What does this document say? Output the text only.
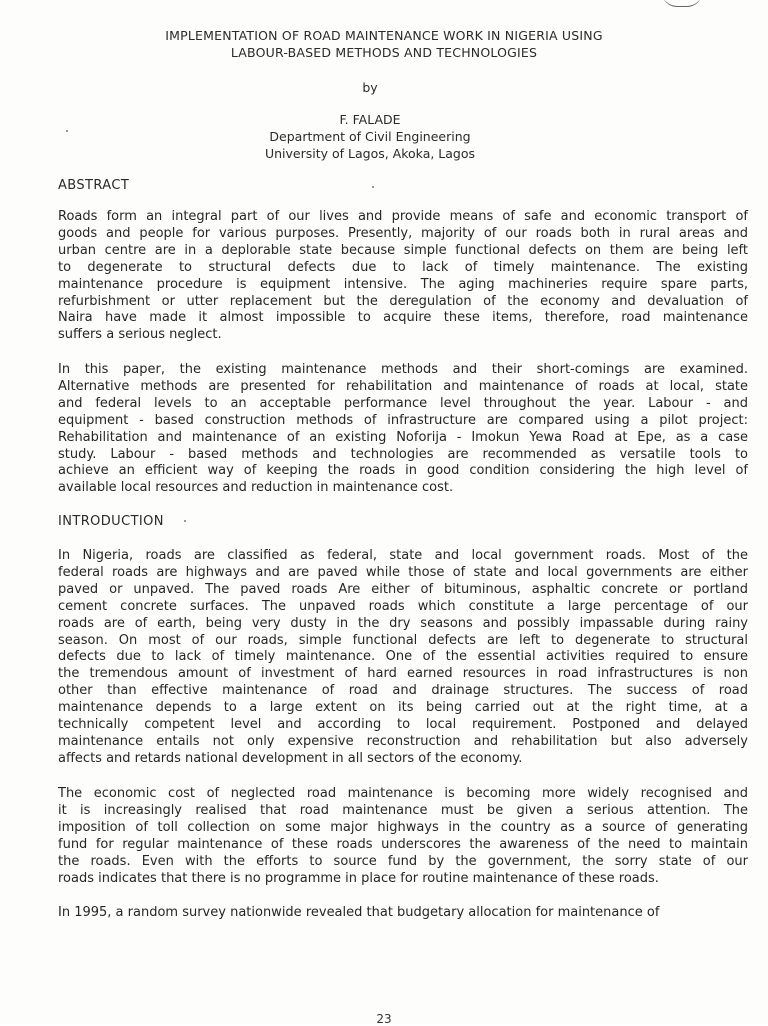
IMPLEMENTATION OF ROAD MAINTENANCE WORK IN NIGERIA USING
LABOUR-BASED METHODS AND TECHNOLOGIES
by
F. FALADE
Department of Civil Engineering
University of Lagos, Akoka, Lagos
ABSTRACT
Roads form an integral part of our lives and provide means of safe and economic transport of
goods and people for various purposes. Presently, majority of our roads both in rural areas and
urban centre are in a deplorable state because simple functional defects on them are being left
to degenerate to structural defects due to lack of timely maintenance. The existing
maintenance procedure is equipment intensive. The aging machineries require spare parts,
refurbishment or utter replacement but the deregulation of the economy and devaluation of
Naira have made it almost impossible to acquire these items, therefore, road maintenance
suffers a serious neglect.
In this paper, the existing maintenance methods and their short-comings are examined.
Alternative methods are presented for rehabilitation and maintenance of roads at local, state
and federal levels to an acceptable performance level throughout the year. Labour - and
equipment - based construction methods of infrastructure are compared using a pilot project:
Rehabilitation and maintenance of an existing Noforija - Imokun Yewa Road at Epe, as a case
study. Labour - based methods and technologies are recommended as versatile tools to
achieve an efficient way of keeping the roads in good condition considering the high level of
available local resources and reduction in maintenance cost.
INTRODUCTION
In Nigeria, roads are classified as federal, state and local government roads. Most of the
federal roads are highways and are paved while those of state and local governments are either
paved or unpaved. The paved roads Are either of bituminous, asphaltic concrete or portland
cement concrete surfaces. The unpaved roads which constitute a large percentage of our
roads are of earth, being very dusty in the dry seasons and possibly impassable during rainy
season. On most of our roads, simple functional defects are left to degenerate to structural
defects due to lack of timely maintenance. One of the essential activities required to ensure
the tremendous amount of investment of hard earned resources in road infrastructures is non
other than effective maintenance of road and drainage structures. The success of road
maintenance depends to a large extent on its being carried out at the right time, at a
technically competent level and according to local requirement. Postponed and delayed
maintenance entails not only expensive reconstruction and rehabilitation but also adversely
affects and retards national development in all sectors of the economy.
The economic cost of neglected road maintenance is becoming more widely recognised and
it is increasingly realised that road maintenance must be given a serious attention. The
imposition of toll collection on some major highways in the country as a source of generating
fund for regular maintenance of these roads underscores the awareness of the need to maintain
the roads. Even with the efforts to source fund by the government, the sorry state of our
roads indicates that there is no programme in place for routine maintenance of these roads.
In 1995, a random survey nationwide revealed that budgetary allocation for maintenance of
23
